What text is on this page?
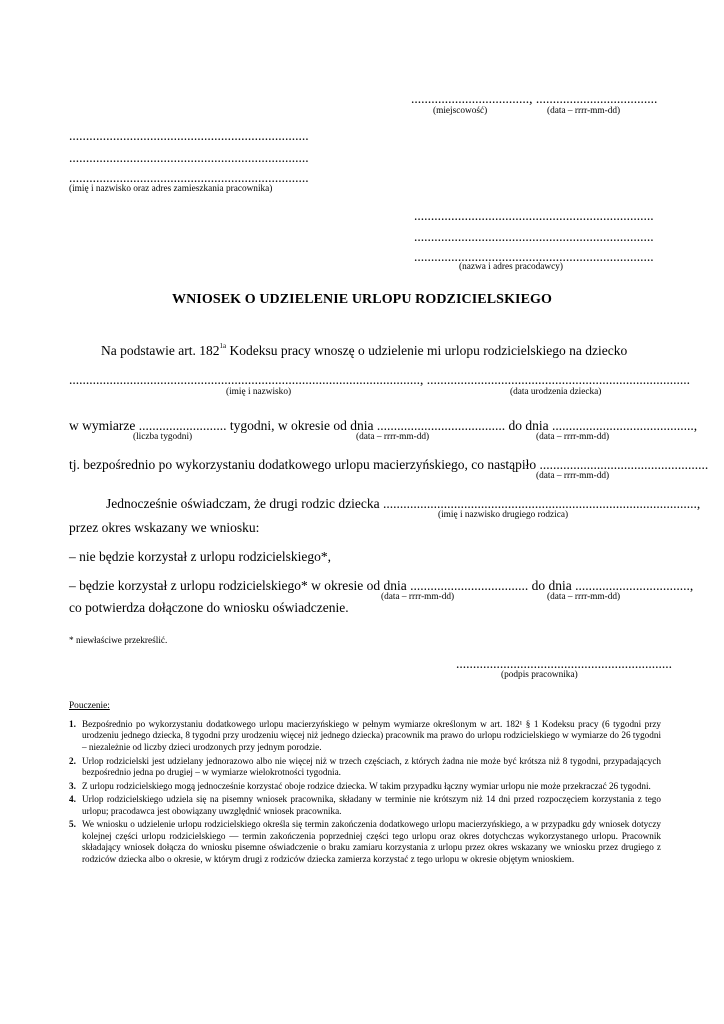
..................................., ....................................
(miejscowość)	(data – rrrr-mm-dd)
.......................................................................
.......................................................................
.......................................................................
(imię i nazwisko oraz adres zamieszkania pracownika)
.......................................................................
.......................................................................
.......................................................................
(nazwa i adres pracodawcy)
WNIOSEK O UDZIELENIE URLOPU RODZICIELSKIEGO
Na podstawie art. $182^{1a}$ Kodeksu pracy wnoszę o udzielenie mi urlopu rodzicielskiego na dziecko
........................................................................................................, ..............................................................................
(imię i nazwisko)	(data urodzenia dziecka)
w wymiarze .......................... tygodni, w okresie od dnia ...................................... do dnia ..........................................,
(liczba tygodni)	(data – rrrr-mm-dd)	(data – rrrr-mm-dd)
tj. bezpośrednio po wykorzystaniu dodatkowego urlopu macierzyńskiego, co nastąpiło ..................................................
(data – rrrr-mm-dd)
Jednocześnie oświadczam, że drugi rodzic dziecka .............................................................................................,
(imię i nazwisko drugiego rodzica)
przez okres wskazany we wniosku:
– nie będzie korzystał z urlopu rodzicielskiego*,
– będzie korzystał z urlopu rodzicielskiego* w okresie od dnia ................................... do dnia ..................................,
(data – rrrr-mm-dd)	(data – rrrr-mm-dd)
co potwierdza dołączone do wniosku oświadczenie.
* niewłaściwe przekreślić.
................................................................
(podpis pracownika)
Pouczenie:
1. Bezpośrednio po wykorzystaniu dodatkowego urlopu macierzyńskiego w pełnym wymiarze określonym w art. 182¹ § 1 Kodeksu pracy (6 tygodni przy urodzeniu jednego dziecka, 8 tygodni przy urodzeniu więcej niż jednego dziecka) pracownik ma prawo do urlopu rodzicielskiego w wymiarze do 26 tygodni – niezależnie od liczby dzieci urodzonych przy jednym porodzie.
2. Urlop rodzicielski jest udzielany jednorazowo albo nie więcej niż w trzech częściach, z których żadna nie może być krótsza niż 8 tygodni, przypadających bezpośrednio jedna po drugiej – w wymiarze wielokrotności tygodnia.
3. Z urlopu rodzicielskiego mogą jednocześnie korzystać oboje rodzice dziecka. W takim przypadku łączny wymiar urlopu nie może przekraczać 26 tygodni.
4. Urlop rodzicielskiego udziela się na pisemny wniosek pracownika, składany w terminie nie krótszym niż 14 dni przed rozpoczęciem korzystania z tego urlopu; pracodawca jest obowiązany uwzględnić wniosek pracownika.
5. We wniosku o udzielenie urlopu rodzicielskiego określa się termin zakończenia dodatkowego urlopu macierzyńskiego, a w przypadku gdy wniosek dotyczy kolejnej części urlopu rodzicielskiego — termin zakończenia poprzedniej części tego urlopu oraz okres dotychczas wykorzystanego urlopu. Pracownik składający wniosek dołącza do wniosku pisemne oświadczenie o braku zamiaru korzystania z urlopu przez okres wskazany we wniosku przez drugiego z rodziców dziecka albo o okresie, w którym drugi z rodziców dziecka zamierza korzystać z tego urlopu w okresie objętym wnioskiem.
